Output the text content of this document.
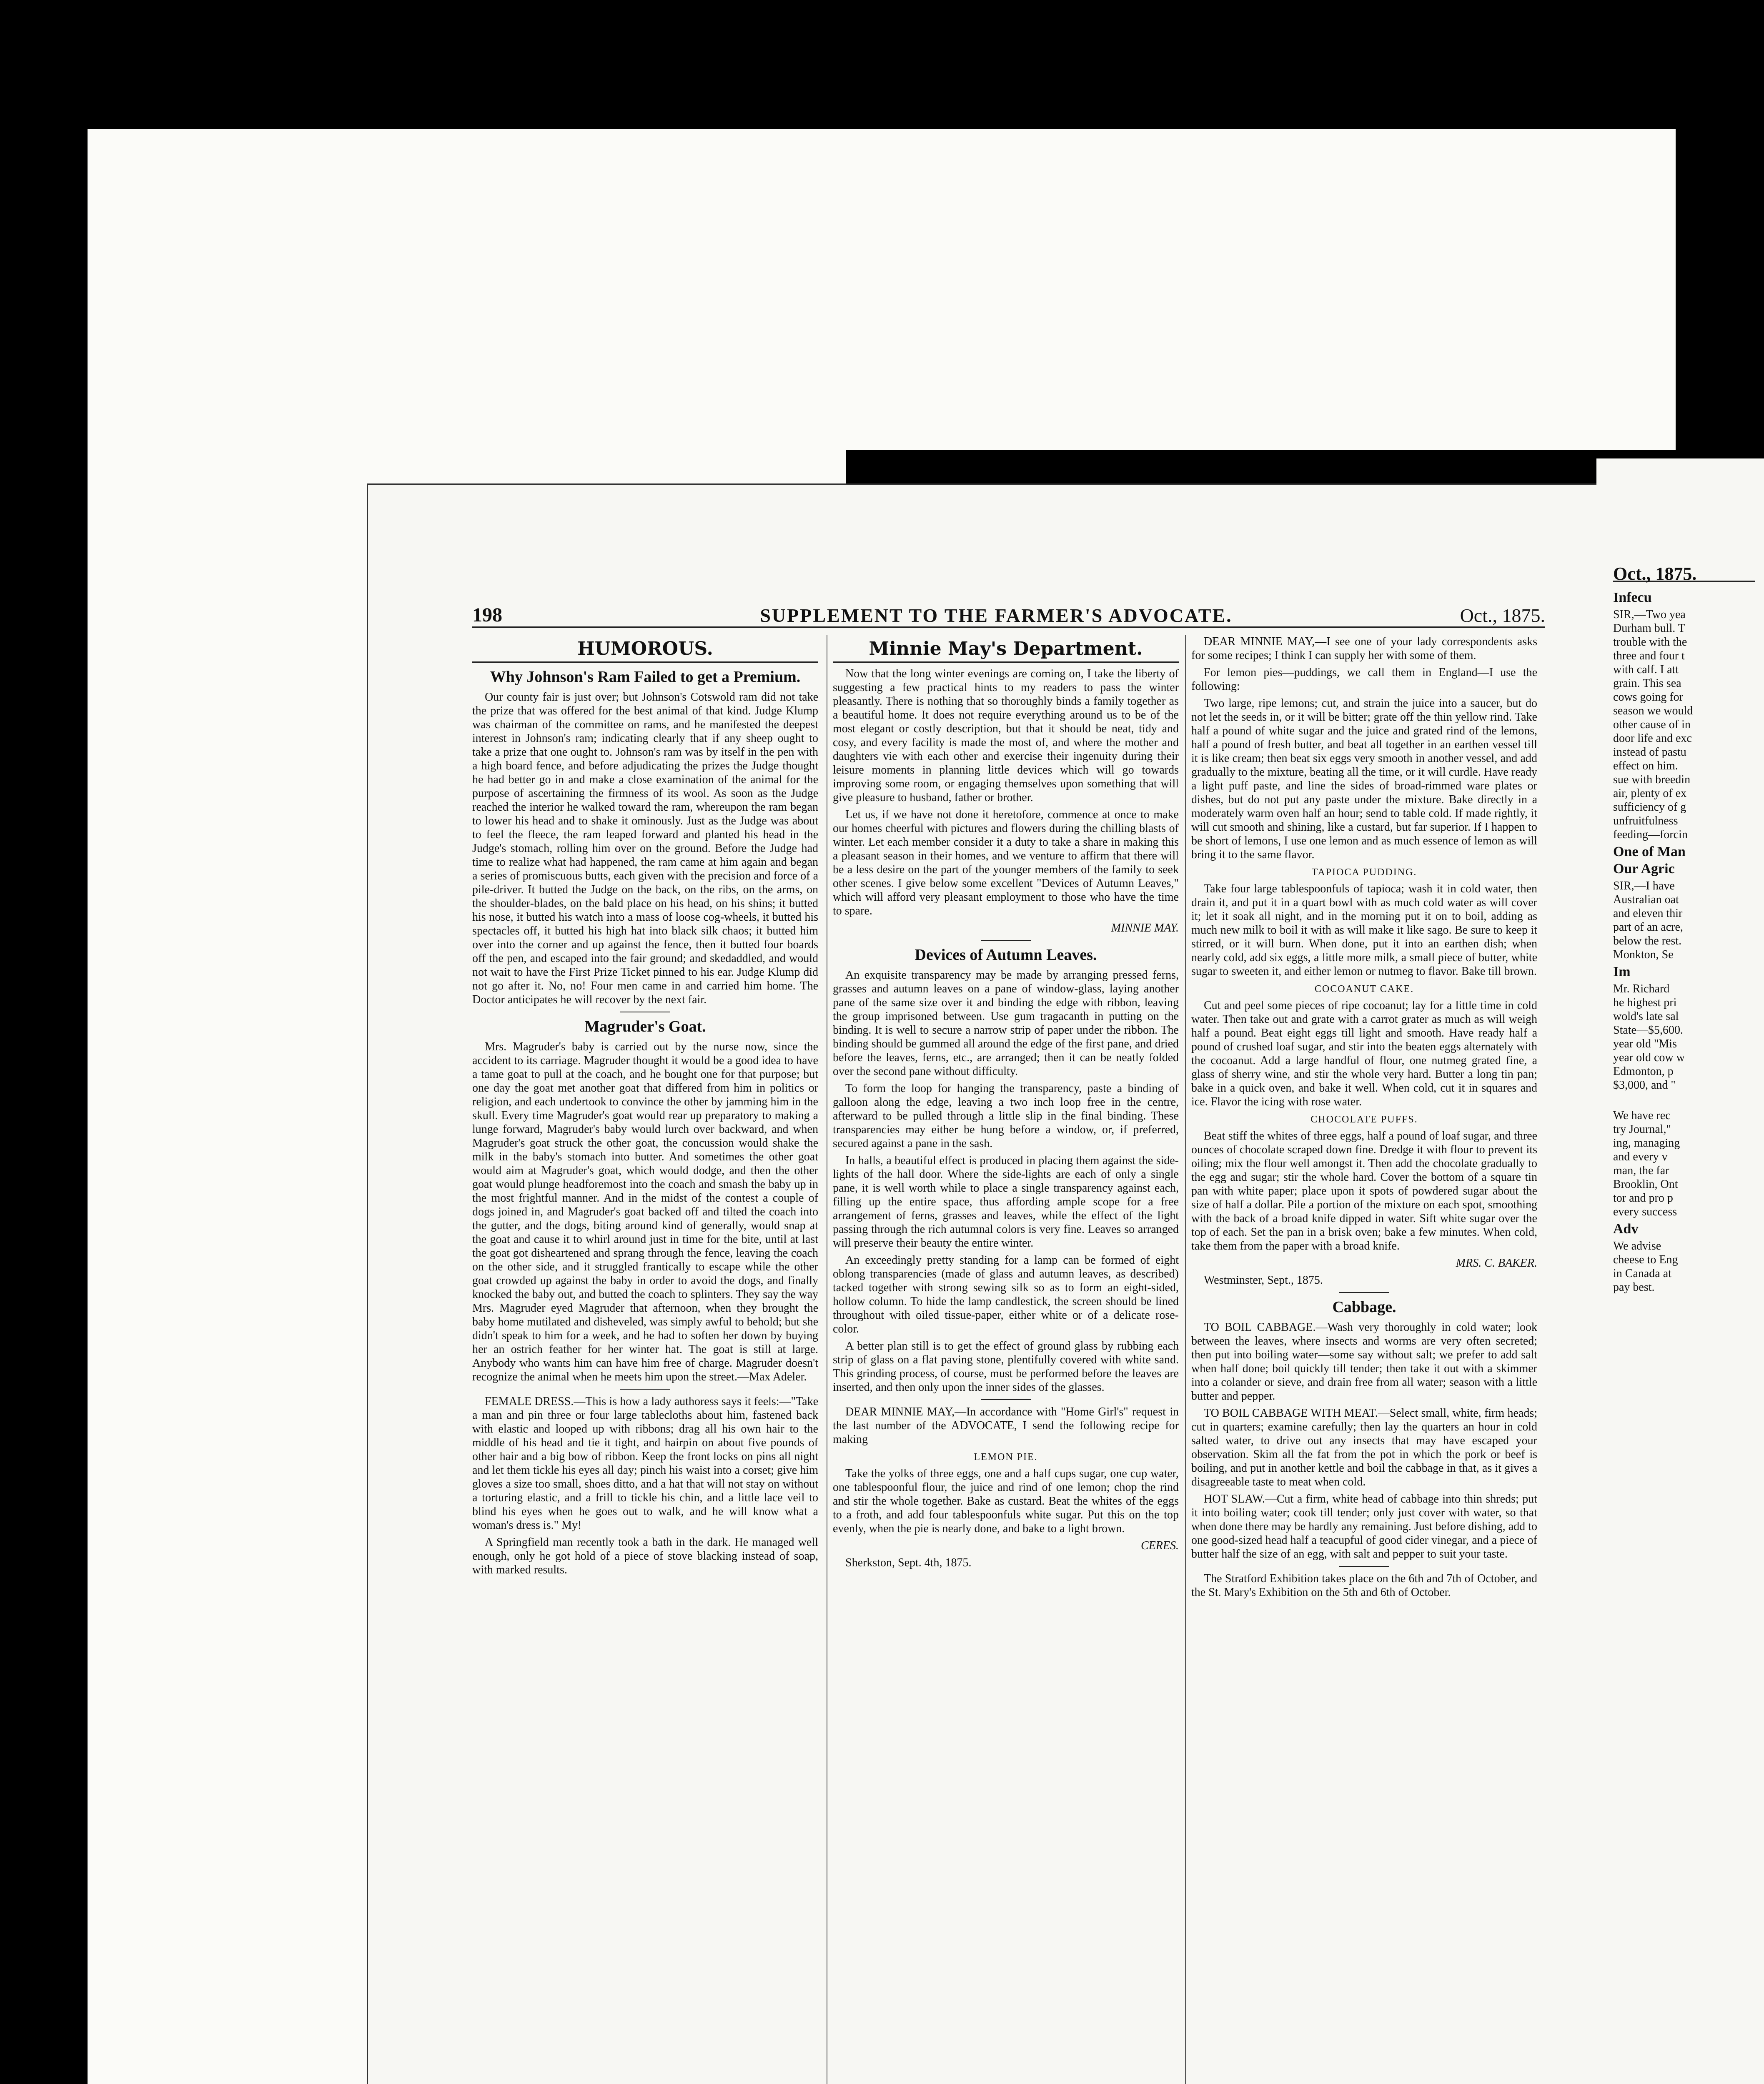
198	SUPPLEMENT TO THE FARMER'S ADVOCATE.	Oct., 1875.
HUMOROUS.
Why Johnson's Ram Failed to get a Premium.

Our county fair is just over; but Johnson's Cotswold ram did not take the prize that was offered for the best animal of that kind. Judge Klump was chairman of the committee on rams, and he manifested the deepest interest in Johnson's ram; indicating clearly that if any sheep ought to take a prize that one ought to. Johnson's ram was by itself in the pen with a high board fence, and before adjudicating the prizes the Judge thought he had better go in and make a close examination of the animal for the purpose of ascertaining the firmness of its wool. As soon as the Judge reached the interior he walked toward the ram, whereupon the ram began to lower his head and to shake it ominously. Just as the Judge was about to feel the fleece, the ram leaped forward and planted his head in the Judge's stomach, rolling him over on the ground. Before the Judge had time to realize what had happened, the ram came at him again and began a series of promiscuous butts, each given with the precision and force of a pile-driver. It butted the Judge on the back, on the ribs, on the arms, on the shoulder-blades, on the bald place on his head, on his shins; it butted his nose, it butted his watch into a mass of loose cog-wheels, it butted his spectacles off, it butted his high hat into black silk chaos; it butted him over into the corner and up against the fence, then it butted four boards off the pen, and escaped into the fair ground; and skedaddled, and would not wait to have the First Prize Ticket pinned to his ear. Judge Klump did not go after it. No, no! Four men came in and carried him home. The Doctor anticipates he will recover by the next fair.

Magruder's Goat.

Mrs. Magruder's baby is carried out by the nurse now, since the accident to its carriage. Magruder thought it would be a good idea to have a tame goat to pull at the coach, and he bought one for that purpose; but one day the goat met another goat that differed from him in politics or religion, and each undertook to convince the other by jamming him in the skull. Every time Magruder's goat would rear up preparatory to making a lunge forward, Magruder's baby would lurch over backward, and when Magruder's goat struck the other goat, the concussion would shake the milk in the baby's stomach into butter. And sometimes the other goat would aim at Magruder's goat, which would dodge, and then the other goat would plunge headforemost into the coach and smash the baby up in the most frightful manner. And in the midst of the contest a couple of dogs joined in, and Magruder's goat backed off and tilted the coach into the gutter, and the dogs, biting around kind of generally, would snap at the goat and cause it to whirl around just in time for the bite, until at last the goat got disheartened and sprang through the fence, leaving the coach on the other side, and it struggled frantically to escape while the other goat crowded up against the baby in order to avoid the dogs, and finally knocked the baby out, and butted the coach to splinters. They say the way Mrs. Magruder eyed Magruder that afternoon, when they brought the baby home mutilated and disheveled, was simply awful to behold; but she didn't speak to him for a week, and he had to soften her down by buying her an ostrich feather for her winter hat. The goat is still at large. Anybody who wants him can have him free of charge. Magruder doesn't recognize the animal when he meets him upon the street.—Max Adeler.

FEMALE DRESS.—This is how a lady authoress says it feels:—"Take a man and pin three or four large tablecloths about him, fastened back with elastic and looped up with ribbons; drag all his own hair to the middle of his head and tie it tight, and hairpin on about five pounds of other hair and a big bow of ribbon. Keep the front locks on pins all night and let them tickle his eyes all day; pinch his waist into a corset; give him gloves a size too small, shoes ditto, and a hat that will not stay on without a torturing elastic, and a frill to tickle his chin, and a little lace veil to blind his eyes when he goes out to walk, and he will know what a woman's dress is." My!

A Springfield man recently took a bath in the dark. He managed well enough, only he got hold of a piece of stove blacking instead of soap, with marked results.

Minnie May's Department.

Now that the long winter evenings are coming on, I take the liberty of suggesting a few practical hints to my readers to pass the winter pleasantly. There is nothing that so thoroughly binds a family together as a beautiful home. It does not require everything around us to be of the most elegant or costly description, but that it should be neat, tidy and cosy, and every facility is made the most of, and where the mother and daughters vie with each other and exercise their ingenuity during their leisure moments in planning little devices which will go towards improving some room, or engaging themselves upon something that will give pleasure to husband, father or brother.

Let us, if we have not done it heretofore, commence at once to make our homes cheerful with pictures and flowers during the chilling blasts of winter. Let each member consider it a duty to take a share in making this a pleasant season in their homes, and we venture to affirm that there will be a less desire on the part of the younger members of the family to seek other scenes. I give below some excellent "Devices of Autumn Leaves," which will afford very pleasant employment to those who have the time to spare.

MINNIE MAY.

Devices of Autumn Leaves.

An exquisite transparency may be made by arranging pressed ferns, grasses and autumn leaves on a pane of window-glass, laying another pane of the same size over it and binding the edge with ribbon, leaving the group imprisoned between. Use gum tragacanth in putting on the binding. It is well to secure a narrow strip of paper under the ribbon. The binding should be gummed all around the edge of the first pane, and dried before the leaves, ferns, etc., are arranged; then it can be neatly folded over the second pane without difficulty.

To form the loop for hanging the transparency, paste a binding of galloon along the edge, leaving a two inch loop free in the centre, afterward to be pulled through a little slip in the final binding. These transparencies may either be hung before a window, or, if preferred, secured against a pane in the sash.

In halls, a beautiful effect is produced in placing them against the side-lights of the hall door. Where the side-lights are each of only a single pane, it is well worth while to place a single transparency against each, filling up the entire space, thus affording ample scope for a free arrangement of ferns, grasses and leaves, while the effect of the light passing through the rich autumnal colors is very fine. Leaves so arranged will preserve their beauty the entire winter.

An exceedingly pretty standing for a lamp can be formed of eight oblong transparencies (made of glass and autumn leaves, as described) tacked together with strong sewing silk so as to form an eight-sided, hollow column. To hide the lamp candlestick, the screen should be lined throughout with oiled tissue-paper, either white or of a delicate rose-color.

A better plan still is to get the effect of ground glass by rubbing each strip of glass on a flat paving stone, plentifully covered with white sand. This grinding process, of course, must be performed before the leaves are inserted, and then only upon the inner sides of the glasses.

DEAR MINNIE MAY,—In accordance with "Home Girl's" request in the last number of the ADVOCATE, I send the following recipe for making

LEMON PIE.

Take the yolks of three eggs, one and a half cups sugar, one cup water, one tablespoonful flour, the juice and rind of one lemon; chop the rind and stir the whole together. Bake as custard. Beat the whites of the eggs to a froth, and add four tablespoonfuls white sugar. Put this on the top evenly, when the pie is nearly done, and bake to a light brown.

CERES.

Sherkston, Sept. 4th, 1875.

DEAR MINNIE MAY,—I see one of your lady correspondents asks for some recipes; I think I can supply her with some of them.

For lemon pies—puddings, we call them in England—I use the following:

Two large, ripe lemons; cut, and strain the juice into a saucer, but do not let the seeds in, or it will be bitter; grate off the thin yellow rind. Take half a pound of white sugar and the juice and grated rind of the lemons, half a pound of fresh butter, and beat all together in an earthen vessel till it is like cream; then beat six eggs very smooth in another vessel, and add gradually to the mixture, beating all the time, or it will curdle. Have ready a light puff paste, and line the sides of broad-rimmed ware plates or dishes, but do not put any paste under the mixture. Bake directly in a moderately warm oven half an hour; send to table cold. If made rightly, it will cut smooth and shining, like a custard, but far superior. If I happen to be short of lemons, I use one lemon and as much essence of lemon as will bring it to the same flavor.

TAPIOCA PUDDING.

Take four large tablespoonfuls of tapioca; wash it in cold water, then drain it, and put it in a quart bowl with as much cold water as will cover it; let it soak all night, and in the morning put it on to boil, adding as much new milk to boil it with as will make it like sago. Be sure to keep it stirred, or it will burn. When done, put it into an earthen dish; when nearly cold, add six eggs, a little more milk, a small piece of butter, white sugar to sweeten it, and either lemon or nutmeg to flavor. Bake till brown.

COCOANUT CAKE.

Cut and peel some pieces of ripe cocoanut; lay for a little time in cold water. Then take out and grate with a carrot grater as much as will weigh half a pound. Beat eight eggs till light and smooth. Have ready half a pound of crushed loaf sugar, and stir into the beaten eggs alternately with the cocoanut. Add a large handful of flour, one nutmeg grated fine, a glass of sherry wine, and stir the whole very hard. Butter a long tin pan; bake in a quick oven, and bake it well. When cold, cut it in squares and ice. Flavor the icing with rose water.

CHOCOLATE PUFFS.

Beat stiff the whites of three eggs, half a pound of loaf sugar, and three ounces of chocolate scraped down fine. Dredge it with flour to prevent its oiling; mix the flour well amongst it. Then add the chocolate gradually to the egg and sugar; stir the whole hard. Cover the bottom of a square tin pan with white paper; place upon it spots of powdered sugar about the size of half a dollar. Pile a portion of the mixture on each spot, smoothing with the back of a broad knife dipped in water. Sift white sugar over the top of each. Set the pan in a brisk oven; bake a few minutes. When cold, take them from the paper with a broad knife.

MRS. C. BAKER.

Westminster, Sept., 1875.

Cabbage.

TO BOIL CABBAGE.—Wash very thoroughly in cold water; look between the leaves, where insects and worms are very often secreted; then put into boiling water—some say without salt; we prefer to add salt when half done; boil quickly till tender; then take it out with a skimmer into a colander or sieve, and drain free from all water; season with a little butter and pepper.

TO BOIL CABBAGE WITH MEAT.—Select small, white, firm heads; cut in quarters; examine carefully; then lay the quarters an hour in cold salted water, to drive out any insects that may have escaped your observation. Skim all the fat from the pot in which the pork or beef is boiling, and put in another kettle and boil the cabbage in that, as it gives a disagreeable taste to meat when cold.

HOT SLAW.—Cut a firm, white head of cabbage into thin shreds; put it into boiling water; cook till tender; only just cover with water, so that when done there may be hardly any remaining. Just before dishing, add to one good-sized head half a teacupful of good cider vinegar, and a piece of butter half the size of an egg, with salt and pepper to suit your taste.

The Stratford Exhibition takes place on the 6th and 7th of October, and the St. Mary's Exhibition on the 5th and 6th of October.

Oct., 1875.
Infecu
SIR,—Two yea
Durham bull. T
trouble with the
three and four t
with calf. I att
grain. This sea
cows going for
season we would
other cause of in
door life and exc
instead of pastu
effect on him.
sue with breedin
air, plenty of ex
sufficiency of g
unfruitfulness
feeding—forcin
One of Man
Our Agric
SIR,—I have
Australian oat
and eleven thir
part of an acre,
below the rest.
Monkton, Se
Im
Mr. Richard
he highest pri
wold's late sal
State—$5,600.
year old "Mis
year old cow w
Edmonton, p
$3,000, and "
We have rec
try Journal,"
ing, managing
and every v
man, the far
Brooklin, Ont
tor and pro p
every success
Adv
We advise
cheese to Eng
in Canada at
pay best.
